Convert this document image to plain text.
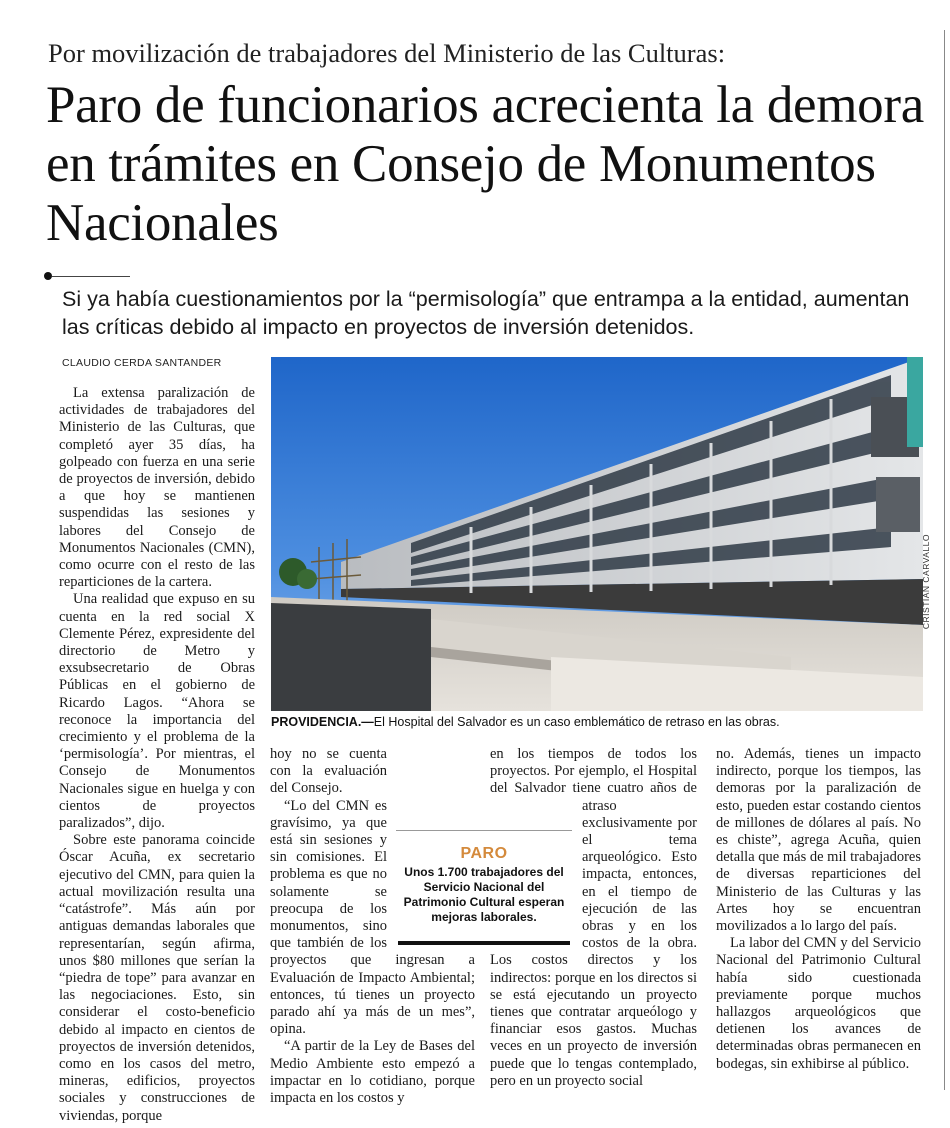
Por movilización de trabajadores del Ministerio de las Culturas:
Paro de funcionarios acrecienta la demora en trámites en Consejo de Monumentos Nacionales
Si ya había cuestionamientos por la “permisología” que entrampa a la entidad, aumentan las críticas debido al impacto en proyectos de inversión detenidos.
CLAUDIO CERDA SANTANDER

La extensa paralización de actividades de trabajadores del Ministerio de las Culturas, que completó ayer 35 días, ha golpeado con fuerza en una serie de proyectos de inversión, debido a que hoy se mantienen suspendidas las sesiones y labores del Consejo de Monumentos Nacionales (CMN), como ocurre con el resto de las reparticiones de la cartera.

Una realidad que expuso en su cuenta en la red social X Clemente Pérez, expresidente del directorio de Metro y exsubsecretario de Obras Públicas en el gobierno de Ricardo Lagos. “Ahora se reconoce la importancia del crecimiento y el problema de la ‘permisología’. Por mientras, el Consejo de Monumentos Nacionales sigue en huelga y con cientos de proyectos paralizados”, dijo.

Sobre este panorama coincide Óscar Acuña, ex secretario ejecutivo del CMN, para quien la actual movilización resulta una “catástrofe”. Más aún por antiguas demandas laborales que representarían, según afirma, unos $80 millones que serían la “piedra de tope” para avanzar en las negociaciones. Esto, sin considerar el costo-beneficio debido al impacto en cientos de proyectos de inversión detenidos, como en los casos del metro, mineras, edificios, proyectos sociales y construcciones de viviendas, porque

CRISTIAN CARVALLO
PROVIDENCIA.—El Hospital del Salvador es un caso emblemático de retraso en las obras.

hoy no se cuenta con la evaluación del Consejo.

“Lo del CMN es gravísimo, ya que está sin sesiones y sin comisiones. El problema es que no solamente se preocupa de los monumentos, sino que también de los proyectos que ingresan a Evaluación de Impacto Ambiental; entonces, tú tienes un proyecto parado ahí ya más de un mes”, opina.

“A partir de la Ley de Bases del Medio Ambiente esto empezó a impactar en lo cotidiano, porque impacta en los costos y

en los tiempos de todos los proyectos. Por ejemplo, el Hospital del Salvador tiene cuatro años de atraso exclusivamente por el tema arqueológico. Esto impacta, entonces, en el tiempo de ejecución de las obras y en los costos de la obra. Los costos directos y los indirectos: porque en los directos si se está ejecutando un proyecto tienes que contratar arqueólogo y financiar esos gastos. Muchas veces en un proyecto de inversión puede que lo tengas contemplado, pero en un proyecto social

no. Además, tienes un impacto indirecto, porque los tiempos, las demoras por la paralización de esto, pueden estar costando cientos de millones de dólares al país. No es chiste”, agrega Acuña, quien detalla que más de mil trabajadores de diversas reparticiones del Ministerio de las Culturas y las Artes hoy se encuentran movilizados a lo largo del país.

La labor del CMN y del Servicio Nacional del Patrimonio Cultural había sido cuestionada previamente porque muchos hallazgos arqueológicos que detienen los avances de determinadas obras permanecen en bodegas, sin exhibirse al público.

PARO
Unos 1.700 trabajadores del Servicio Nacional del Patrimonio Cultural esperan mejoras laborales.
